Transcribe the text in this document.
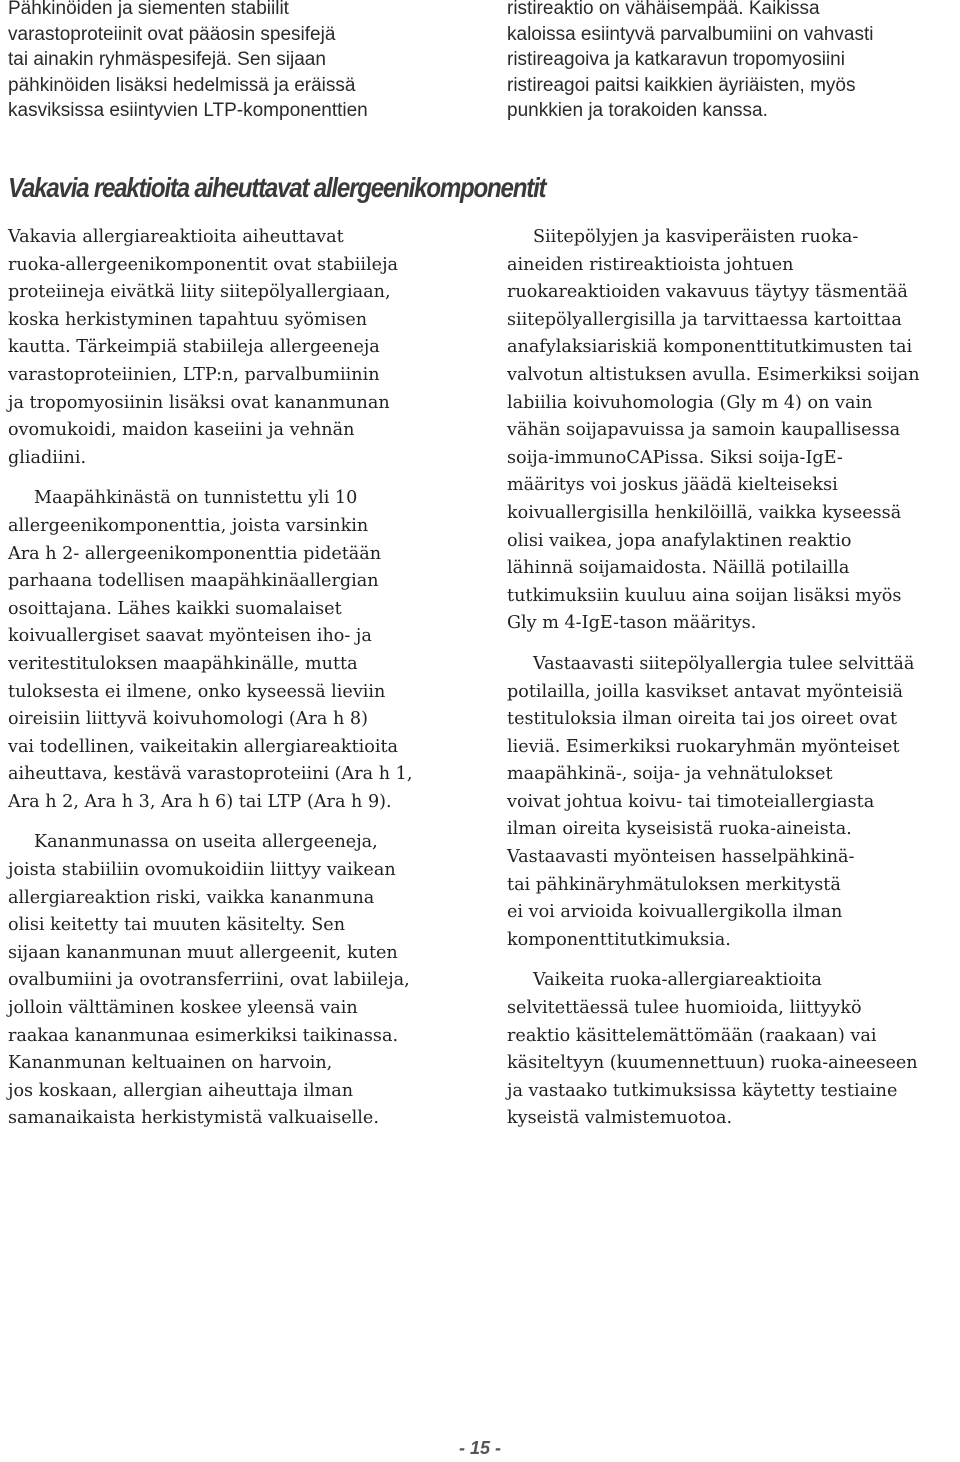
Pähkinöiden ja siementen stabiilit
varastoproteiinit ovat pääosin spesifejä
tai ainakin ryhmäspesifejä. Sen sijaan
pähkinöiden lisäksi hedelmissä ja eräissä
kasviksissa esiintyvien LTP-komponenttien
ristireaktio on vähäisempää. Kaikissa
kaloissa esiintyvä parvalbumiini on vahvasti
ristireagoiva ja katkaravun tropomyosiini
ristireagoi paitsi kaikkien äyriäisten, myös
punkkien ja torakoiden kanssa.
Vakavia reaktioita aiheuttavat allergeenikomponentit
Vakavia allergiareaktioita aiheuttavat
ruoka-allergeenikomponentit ovat stabiileja
proteiineja eivätkä liity siitepölyallergiaan,
koska herkistyminen tapahtuu syömisen
kautta. Tärkeimpiä stabiileja allergeeneja
varastoproteiinien, LTP:n, parvalbumiinin
ja tropomyosiinin lisäksi ovat kananmunan
ovomukoidi, maidon kaseiini ja vehnän
gliadiini.
Maapähkinästä on tunnistettu yli 10
allergeenikomponenttia, joista varsinkin
Ara h 2- allergeenikomponenttia pidetään
parhaana todellisen maapähkinäallergian
osoittajana. Lähes kaikki suomalaiset
koivuallergiset saavat myönteisen iho- ja
veritestituloksen maapähkinälle, mutta
tuloksesta ei ilmene, onko kyseessä lieviin
oireisiin liittyvä koivuhomologi (Ara h 8)
vai todellinen, vaikeitakin allergiareaktioita
aiheuttava, kestävä varastoproteiini (Ara h 1,
Ara h 2, Ara h 3, Ara h 6) tai LTP (Ara h 9).
Kananmunassa on useita allergeeneja,
joista stabiiliin ovomukoidiin liittyy vaikean
allergiareaktion riski, vaikka kananmuna
olisi keitetty tai muuten käsitelty. Sen
sijaan kananmunan muut allergeenit, kuten
ovalbumiini ja ovotransferriini, ovat labiileja,
jolloin välttäminen koskee yleensä vain
raakaa kananmunaa esimerkiksi taikinassa.
Kananmunan keltuainen on harvoin,
jos koskaan, allergian aiheuttaja ilman
samanaikaista herkistymistä valkuaiselle.
Siitepölyjen ja kasviperäisten ruoka-
aineiden ristireaktioista johtuen
ruokareaktioiden vakavuus täytyy täsmentää
siitepölyallergisilla ja tarvittaessa kartoittaa
anafylaksiariskiä komponenttitutkimusten tai
valvotun altistuksen avulla. Esimerkiksi soijan
labiilia koivuhomologia (Gly m 4) on vain
vähän soijapavuissa ja samoin kaupallisessa
soija-immunoCAPissa. Siksi soija-IgE-
määritys voi joskus jäädä kielteiseksi
koivuallergisilla henkilöillä, vaikka kyseessä
olisi vaikea, jopa anafylaktinen reaktio
lähinnä soijamaidosta. Näillä potilailla
tutkimuksiin kuuluu aina soijan lisäksi myös
Gly m 4-IgE-tason määritys.
Vastaavasti siitepölyallergia tulee selvittää
potilailla, joilla kasvikset antavat myönteisiä
testituloksia ilman oireita tai jos oireet ovat
lieviä. Esimerkiksi ruokaryhmän myönteiset
maapähkinä-, soija- ja vehnätulokset
voivat johtua koivu- tai timoteiallergiasta
ilman oireita kyseisistä ruoka-aineista.
Vastaavasti myönteisen hasselpähkinä-
tai pähkinäryhmätuloksen merkitystä
ei voi arvioida koivuallergikolla ilman
komponenttitutkimuksia.
Vaikeita ruoka-allergiareaktioita
selvitettäessä tulee huomioida, liittyykö
reaktio käsittelemättömään (raakaan) vai
käsiteltyyn (kuumennettuun) ruoka-aineeseen
ja vastaako tutkimuksissa käytetty testiaine
kyseistä valmistemuotoa.
- 15 -
